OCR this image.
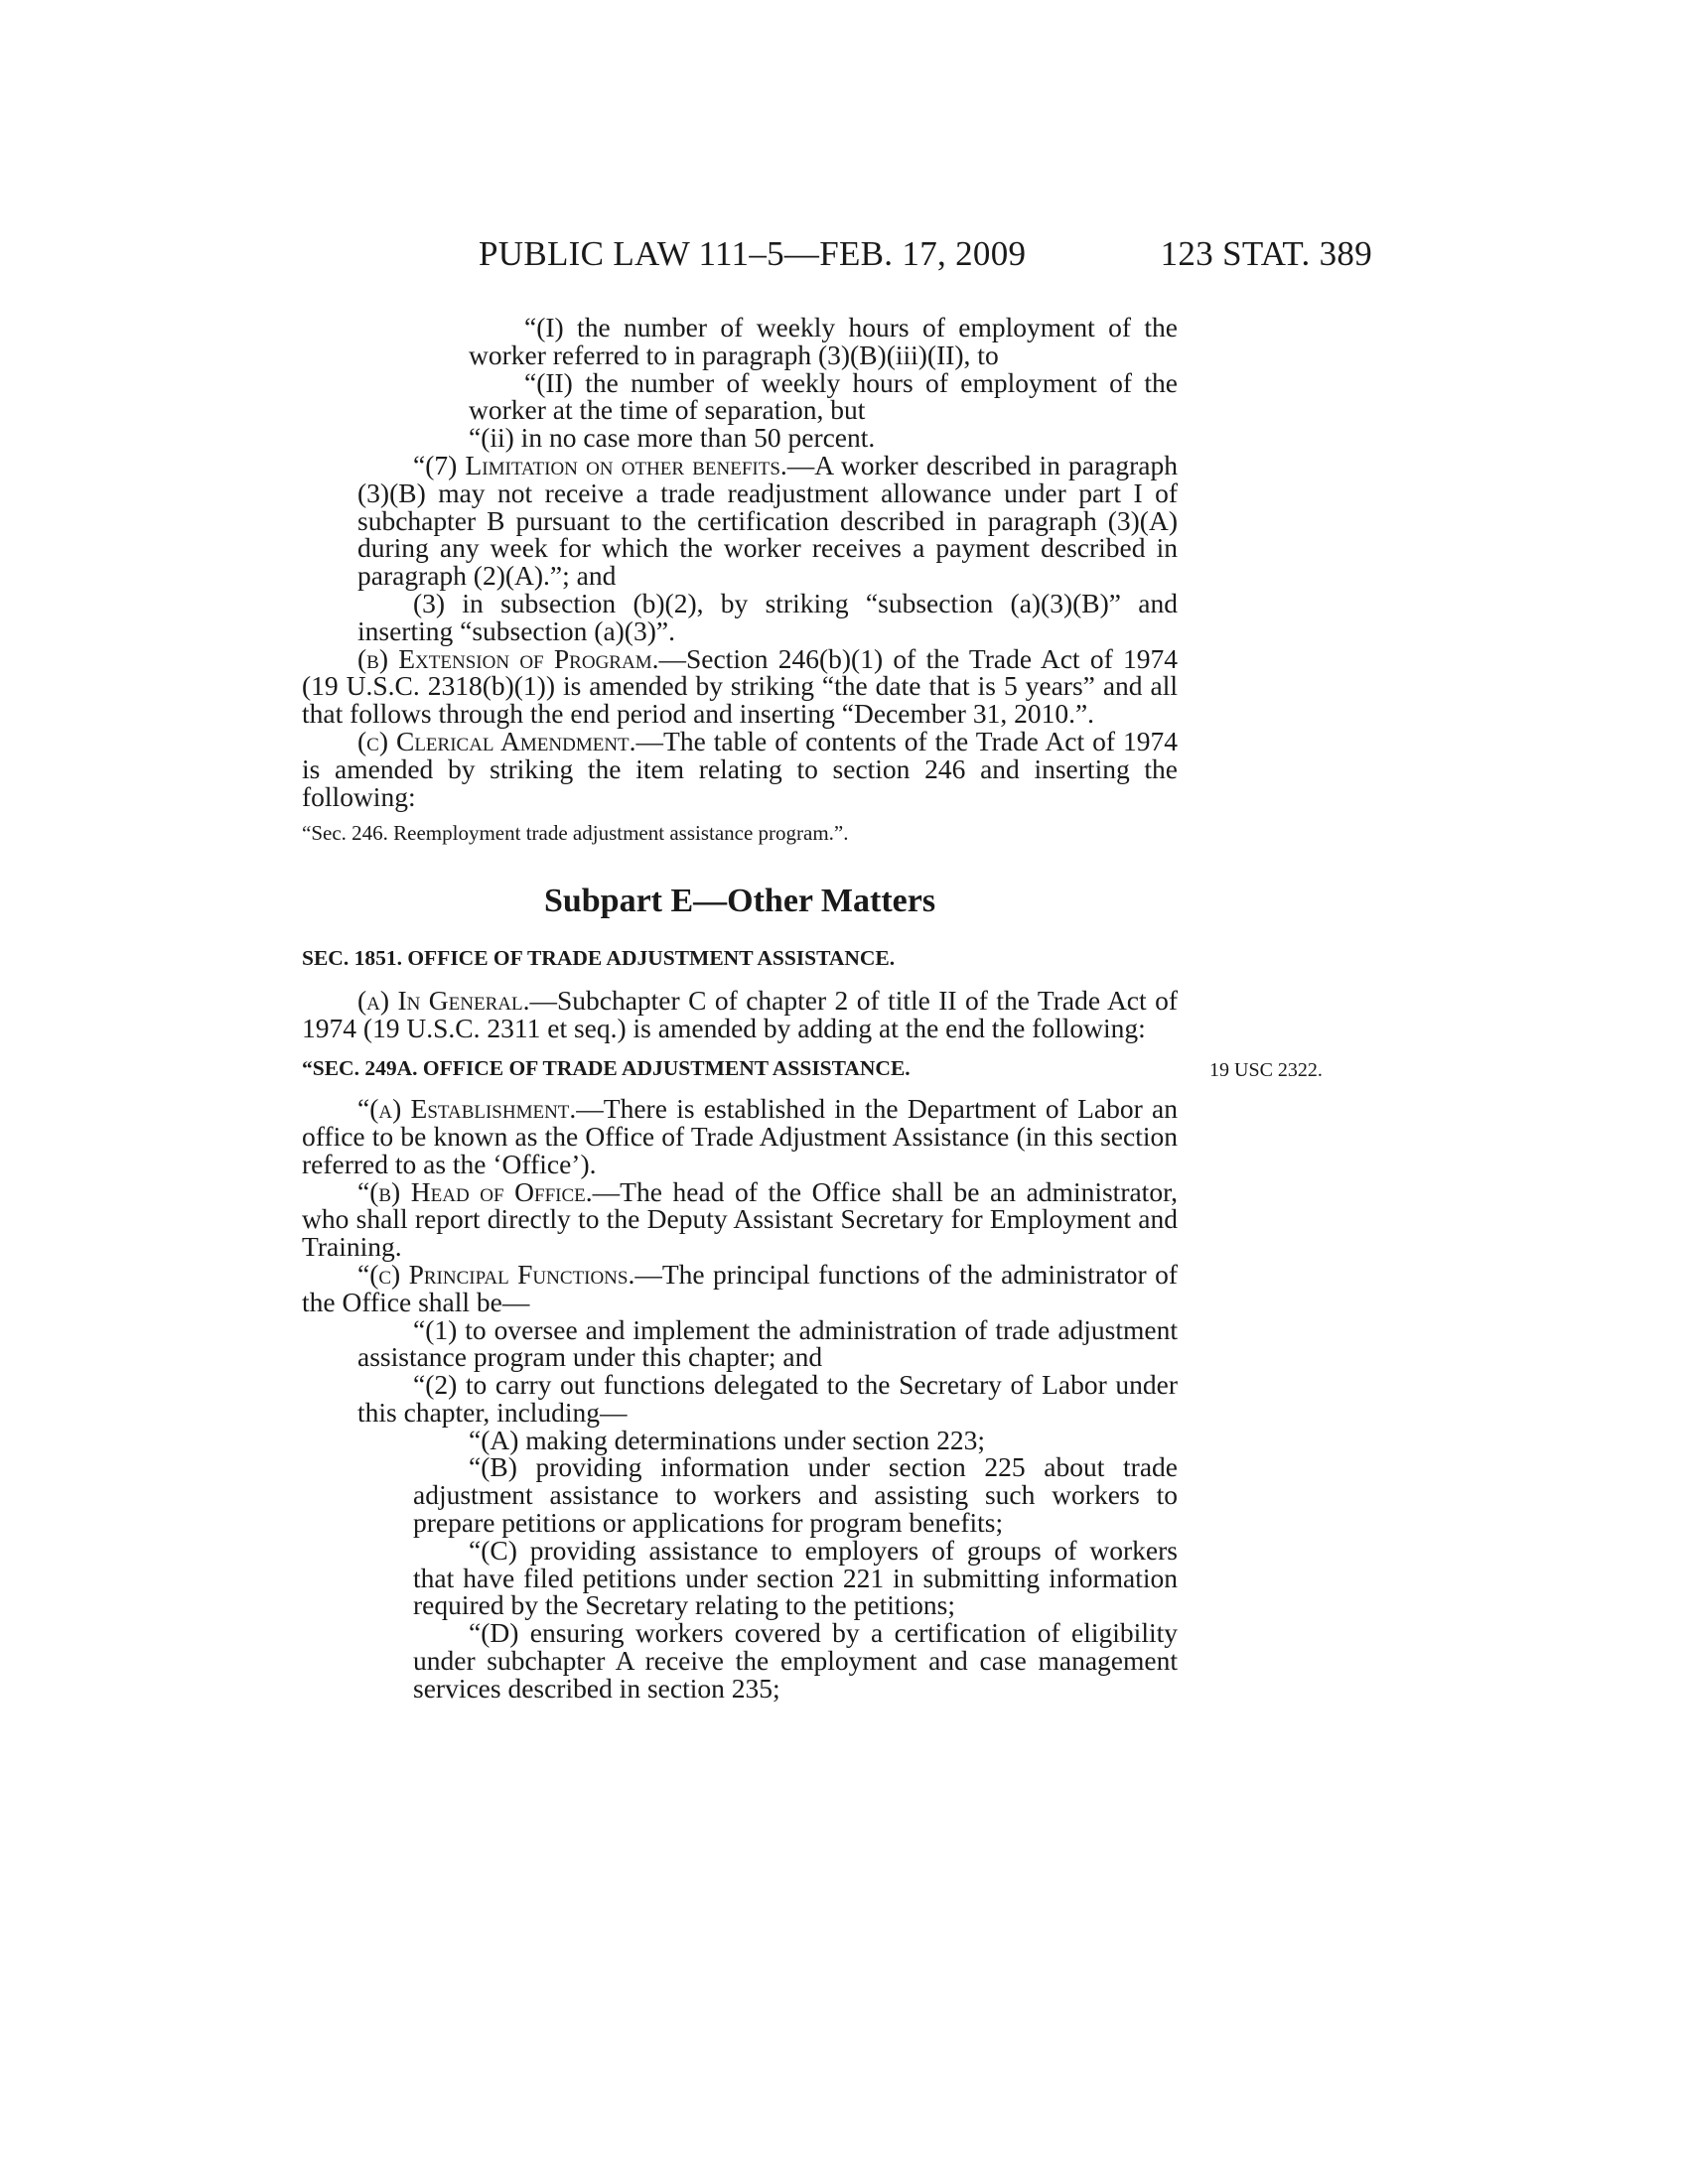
PUBLIC LAW 111–5—FEB. 17, 2009	123 STAT. 389

“(I) the number of weekly hours of employment of the worker referred to in paragraph (3)(B)(iii)(II), to

“(II) the number of weekly hours of employment of the worker at the time of separation, but

“(ii) in no case more than 50 percent.

“(7) Limitation on other benefits.—A worker described in paragraph (3)(B) may not receive a trade readjustment allowance under part I of subchapter B pursuant to the certification described in paragraph (3)(A) during any week for which the worker receives a payment described in paragraph (2)(A).”; and

(3) in subsection (b)(2), by striking “subsection (a)(3)(B)” and inserting “subsection (a)(3)”.

(b) Extension of Program.—Section 246(b)(1) of the Trade Act of 1974 (19 U.S.C. 2318(b)(1)) is amended by striking “the date that is 5 years” and all that follows through the end period and inserting “December 31, 2010.”.

(c) Clerical Amendment.—The table of contents of the Trade Act of 1974 is amended by striking the item relating to section 246 and inserting the following:

“Sec. 246. Reemployment trade adjustment assistance program.”.

Subpart E—Other Matters
SEC. 1851. OFFICE OF TRADE ADJUSTMENT ASSISTANCE.

(a) In General.—Subchapter C of chapter 2 of title II of the Trade Act of 1974 (19 U.S.C. 2311 et seq.) is amended by adding at the end the following:

“SEC. 249A. OFFICE OF TRADE ADJUSTMENT ASSISTANCE.	19 USC 2322.

“(a) Establishment.—There is established in the Department of Labor an office to be known as the Office of Trade Adjustment Assistance (in this section referred to as the ‘Office’).

“(b) Head of Office.—The head of the Office shall be an administrator, who shall report directly to the Deputy Assistant Secretary for Employment and Training.

“(c) Principal Functions.—The principal functions of the administrator of the Office shall be—

“(1) to oversee and implement the administration of trade adjustment assistance program under this chapter; and

“(2) to carry out functions delegated to the Secretary of Labor under this chapter, including—

“(A) making determinations under section 223;

“(B) providing information under section 225 about trade adjustment assistance to workers and assisting such workers to prepare petitions or applications for program benefits;

“(C) providing assistance to employers of groups of workers that have filed petitions under section 221 in submitting information required by the Secretary relating to the petitions;

“(D) ensuring workers covered by a certification of eligibility under subchapter A receive the employment and case management services described in section 235;
